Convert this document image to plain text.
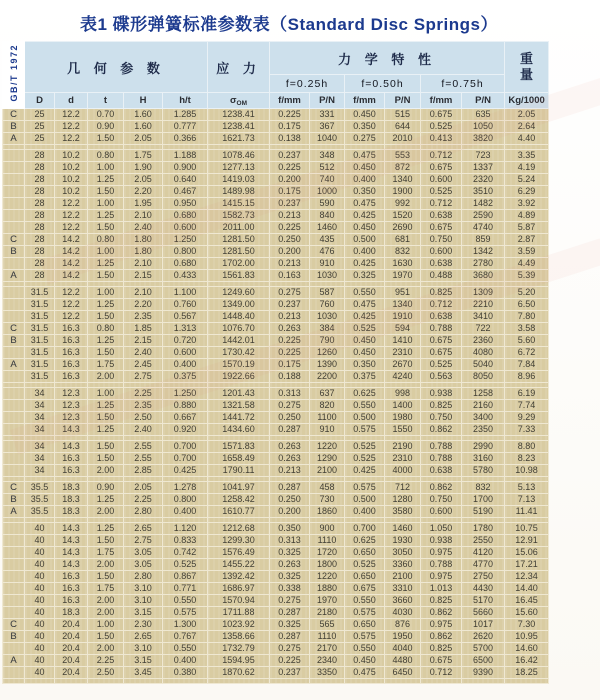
表1 碟形弹簧标准参数表（Standard Disc Springs）
GB/T 1972	几 何 参 数					应 力	力 学 特 性						重
量

							f=0.25h		f=0.50h		f=0.75h		
	D	d	t	H	h/t	$\sigma_{OM}$	f/mm	P/N	f/mm	P/N	f/mm	P/N	Kg/1000
C	25	12.2	0.70	1.60	1.285	1238.41	0.225	331	0.450	515	0.675	635	2.05
B	25	12.2	0.90	1.60	0.777	1238.41	0.175	367	0.350	644	0.525	1050	2.64
A	25	12.2	1.50	2.05	0.366	1621.73	0.138	1040	0.275	2010	0.413	3820	4.40

	28	10.2	0.80	1.75	1.188	1078.46	0.237	348	0.475	553	0.712	723	3.35
	28	10.2	1.00	1.90	0.900	1277.13	0.225	512	0.450	872	0.675	1337	4.19
	28	10.2	1.25	2.05	0.640	1419.03	0.200	740	0.400	1340	0.600	2320	5.24
	28	10.2	1.50	2.20	0.467	1489.98	0.175	1000	0.350	1900	0.525	3510	6.29
	28	12.2	1.00	1.95	0.950	1415.15	0.237	590	0.475	992	0.712	1482	3.92
	28	12.2	1.25	2.10	0.680	1582.73	0.213	840	0.425	1520	0.638	2590	4.89
	28	12.2	1.50	2.40	0.600	2011.00	0.225	1460	0.450	2690	0.675	4740	5.87
C	28	14.2	0.80	1.80	1.250	1281.50	0.250	435	0.500	681	0.750	859	2.87
B	28	14.2	1.00	1.80	0.800	1281.50	0.200	476	0.400	832	0.600	1342	3.59
	28	14.2	1.25	2.10	0.680	1702.00	0.213	910	0.425	1630	0.638	2780	4.49
A	28	14.2	1.50	2.15	0.433	1561.83	0.163	1030	0.325	1970	0.488	3680	5.39

	31.5	12.2	1.00	2.10	1.100	1249.60	0.275	587	0.550	951	0.825	1309	5.20
	31.5	12.2	1.25	2.20	0.760	1349.00	0.237	760	0.475	1340	0.712	2210	6.50
	31.5	12.2	1.50	2.35	0.567	1448.40	0.213	1030	0.425	1910	0.638	3410	7.80
C	31.5	16.3	0.80	1.85	1.313	1076.70	0.263	384	0.525	594	0.788	722	3.58
B	31.5	16.3	1.25	2.15	0.720	1442.01	0.225	790	0.450	1410	0.675	2360	5.60
	31.5	16.3	1.50	2.40	0.600	1730.42	0.225	1260	0.450	2310	0.675	4080	6.72
A	31.5	16.3	1.75	2.45	0.400	1570.19	0.175	1390	0.350	2670	0.525	5040	7.84
	31.5	16.3	2.00	2.75	0.375	1922.66	0.188	2200	0.375	4240	0.563	8050	8.96

	34	12.3	1.00	2.25	1.250	1201.43	0.313	637	0.625	998	0.938	1258	6.19
	34	12.3	1.25	2.35	0.880	1321.58	0.275	820	0.550	1400	0.825	2160	7.74
	34	12.3	1.50	2.50	0.667	1441.72	0.250	1100	0.500	1980	0.750	3400	9.29
	34	14.3	1.25	2.40	0.920	1434.60	0.287	910	0.575	1550	0.862	2350	7.33

	34	14.3	1.50	2.55	0.700	1571.83	0.263	1220	0.525	2190	0.788	2990	8.80
	34	16.3	1.50	2.55	0.700	1658.49	0.263	1290	0.525	2310	0.788	3160	8.23
	34	16.3	2.00	2.85	0.425	1790.11	0.213	2100	0.425	4000	0.638	5780	10.98

C	35.5	18.3	0.90	2.05	1.278	1041.97	0.287	458	0.575	712	0.862	832	5.13
B	35.5	18.3	1.25	2.25	0.800	1258.42	0.250	730	0.500	1280	0.750	1700	7.13
A	35.5	18.3	2.00	2.80	0.400	1610.77	0.200	1860	0.400	3580	0.600	5190	11.41

	40	14.3	1.25	2.65	1.120	1212.68	0.350	900	0.700	1460	1.050	1780	10.75
	40	14.3	1.50	2.75	0.833	1299.30	0.313	1110	0.625	1930	0.938	2550	12.91
	40	14.3	1.75	3.05	0.742	1576.49	0.325	1720	0.650	3050	0.975	4120	15.06
	40	14.3	2.00	3.05	0.525	1455.22	0.263	1800	0.525	3360	0.788	4770	17.21
	40	16.3	1.50	2.80	0.867	1392.42	0.325	1220	0.650	2100	0.975	2750	12.34
	40	16.3	1.75	3.10	0.771	1686.97	0.338	1880	0.675	3310	1.013	4430	14.40
	40	16.3	2.00	3.10	0.550	1570.94	0.275	1970	0.550	3660	0.825	5170	16.45
	40	18.3	2.00	3.15	0.575	1711.88	0.287	2180	0.575	4030	0.862	5660	15.60
C	40	20.4	1.00	2.30	1.300	1023.92	0.325	565	0.650	876	0.975	1017	7.30
B	40	20.4	1.50	2.65	0.767	1358.66	0.287	1110	0.575	1950	0.862	2620	10.95
	40	20.4	2.00	3.10	0.550	1732.79	0.275	2170	0.550	4040	0.825	5700	14.60
A	40	20.4	2.25	3.15	0.400	1594.95	0.225	2340	0.450	4480	0.675	6500	16.42
	40	20.4	2.50	3.45	0.380	1870.62	0.237	3350	0.475	6450	0.712	9390	18.25
